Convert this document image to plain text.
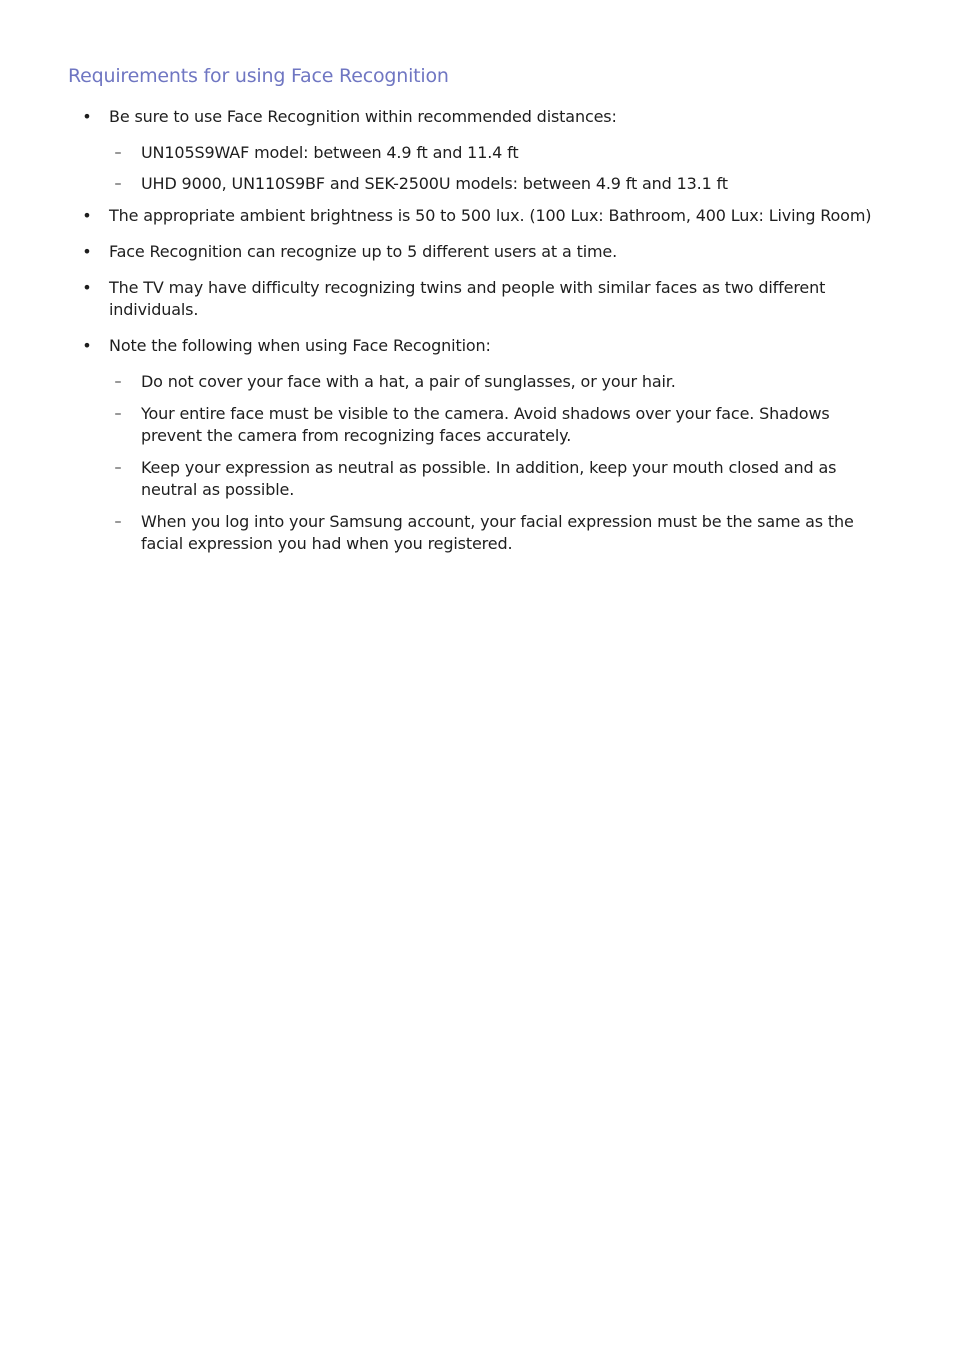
Requirements for using Face Recognition
• Be sure to use Face Recognition within recommended distances:
– UN105S9WAF model: between 4.9 ft and 11.4 ft
– UHD 9000, UN110S9BF and SEK-2500U models: between 4.9 ft and 13.1 ft
• The appropriate ambient brightness is 50 to 500 lux. (100 Lux: Bathroom, 400 Lux: Living Room)
• Face Recognition can recognize up to 5 different users at a time.
• The TV may have difficulty recognizing twins and people with similar faces as two different individuals.
• Note the following when using Face Recognition:
– Do not cover your face with a hat, a pair of sunglasses, or your hair.
– Your entire face must be visible to the camera. Avoid shadows over your face. Shadows prevent the camera from recognizing faces accurately.
– Keep your expression as neutral as possible. In addition, keep your mouth closed and as neutral as possible.
– When you log into your Samsung account, your facial expression must be the same as the facial expression you had when you registered.
